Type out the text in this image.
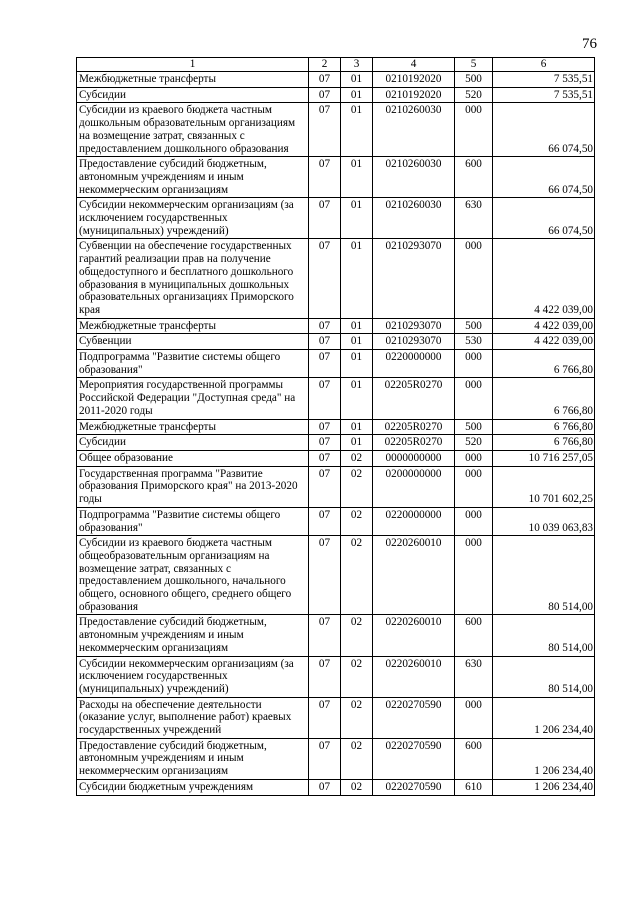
76
1	2	3	4	5	6
Межбюджетные трансферты	07	01	0210192020	500	7 535,51
Субсидии	07	01	0210192020	520	7 535,51
Субсидии из краевого бюджета частным дошкольным образовательным организациям на возмещение затрат, связанных с предоставлением дошкольного образования	07	01	0210260030	000	66 074,50
Предоставление субсидий бюджетным, автономным учреждениям и иным некоммерческим организациям	07	01	0210260030	600	66 074,50
Субсидии некоммерческим организациям (за исключением государственных (муниципальных) учреждений)	07	01	0210260030	630	66 074,50
Субвенции на обеспечение государственных гарантий реализации прав на получение общедоступного и бесплатного дошкольного образования в муниципальных дошкольных образовательных организациях Приморского края	07	01	0210293070	000	4 422 039,00
Межбюджетные трансферты	07	01	0210293070	500	4 422 039,00
Субвенции	07	01	0210293070	530	4 422 039,00
Подпрограмма "Развитие системы общего образования"	07	01	0220000000	000	6 766,80
Мероприятия государственной программы Российской Федерации "Доступная среда" на 2011-2020 годы	07	01	02205R0270	000	6 766,80
Межбюджетные трансферты	07	01	02205R0270	500	6 766,80
Субсидии	07	01	02205R0270	520	6 766,80
Общее образование	07	02	0000000000	000	10 716 257,05
Государственная программа "Развитие образования Приморского края" на 2013-2020 годы	07	02	0200000000	000	10 701 602,25
Подпрограмма "Развитие системы общего образования"	07	02	0220000000	000	10 039 063,83
Субсидии из краевого бюджета частным общеобразовательным организациям на возмещение затрат, связанных с предоставлением дошкольного, начального общего, основного общего, среднего общего образования	07	02	0220260010	000	80 514,00
Предоставление субсидий бюджетным, автономным учреждениям и иным некоммерческим организациям	07	02	0220260010	600	80 514,00
Субсидии некоммерческим организациям (за исключением государственных (муниципальных) учреждений)	07	02	0220260010	630	80 514,00
Расходы на обеспечение деятельности (оказание услуг, выполнение работ) краевых государственных учреждений	07	02	0220270590	000	1 206 234,40
Предоставление субсидий бюджетным, автономным учреждениям и иным некоммерческим организациям	07	02	0220270590	600	1 206 234,40
Субсидии бюджетным учреждениям	07	02	0220270590	610	1 206 234,40
